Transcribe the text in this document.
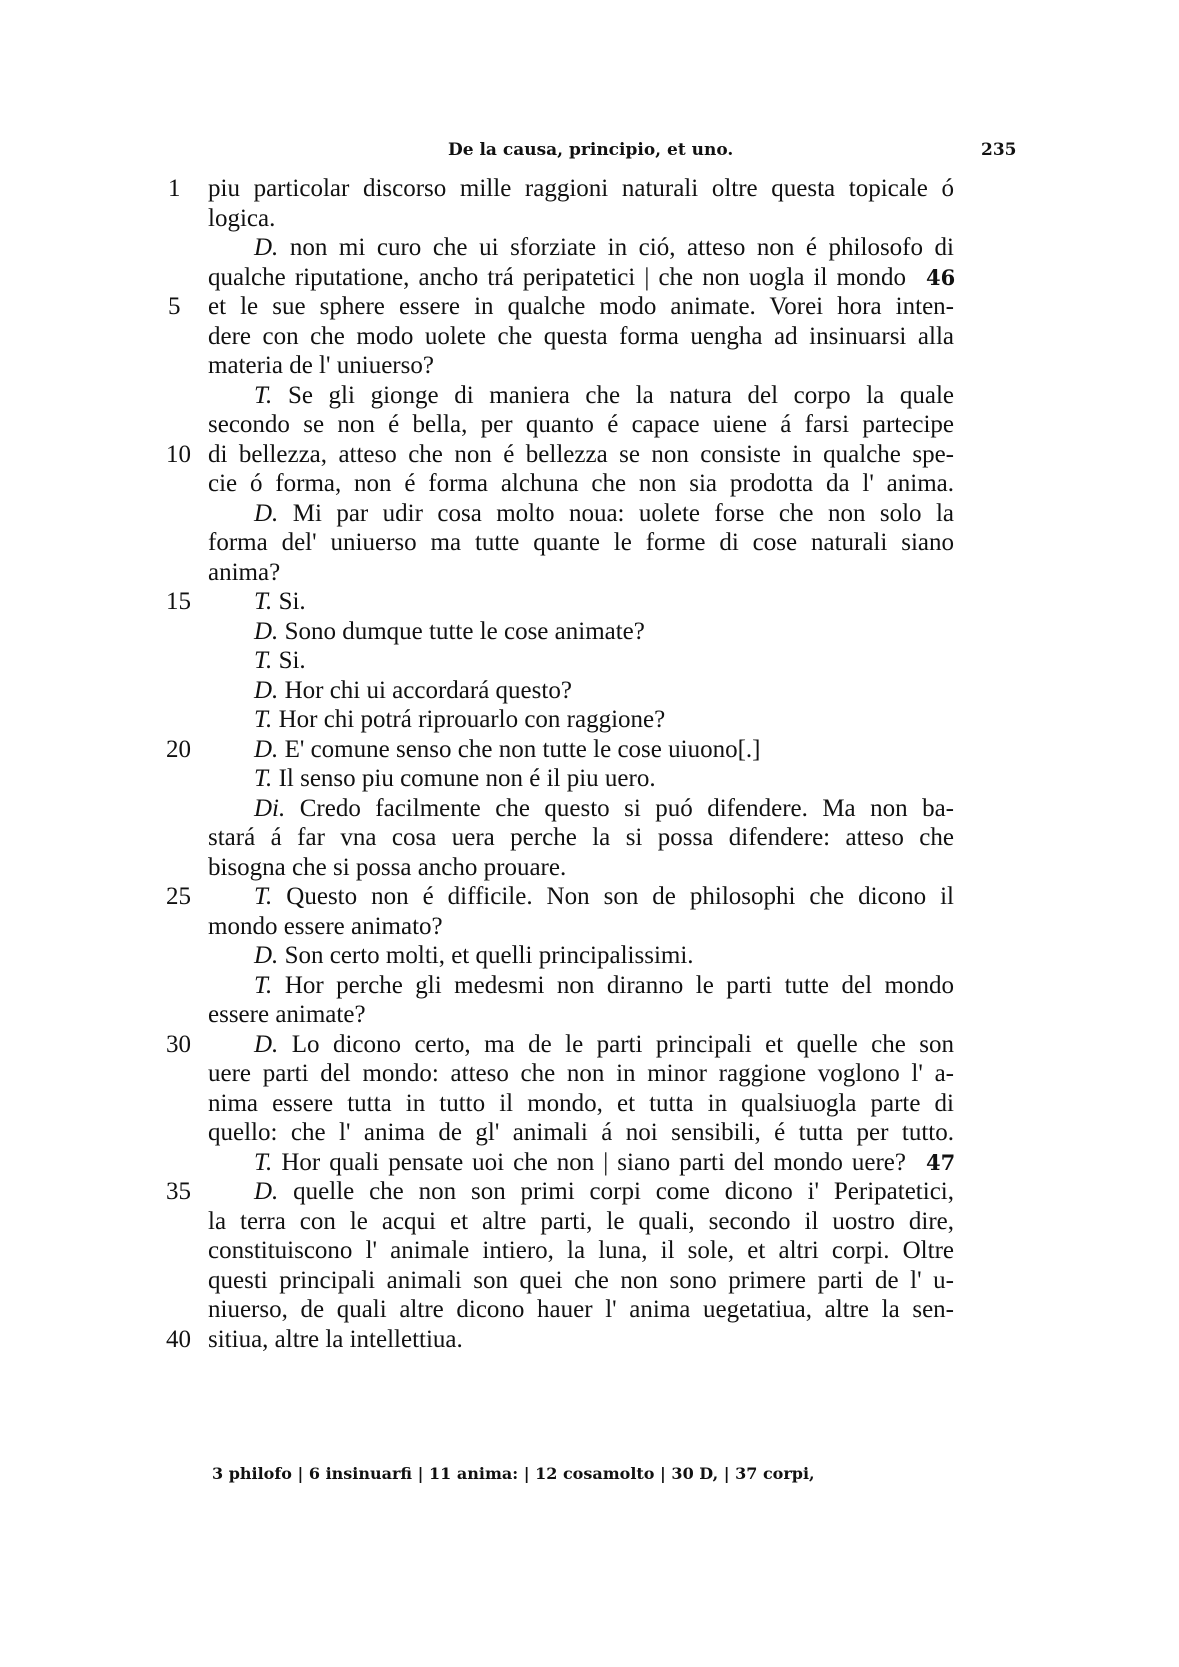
De la causa, principio, et uno.	235
1 piu particolar discorso mille raggioni naturali oltre questa topicale ó
logica.
D. non mi curo che ui sforziate in ció, atteso non é philosofo di
qualche riputatione, ancho trá peripatetici | che non uogla il mondo 46
5 et le sue sphere essere in qualche modo animate. Vorei hora inten-
dere con che modo uolete che questa forma uengha ad insinuarsi alla
materia de l' uniuerso?
T. Se gli gionge di maniera che la natura del corpo la quale
secondo se non é bella, per quanto é capace uiene á farsi partecipe
10 di bellezza, atteso che non é bellezza se non consiste in qualche spe-
cie ó forma, non é forma alchuna che non sia prodotta da l' anima.
D. Mi par udir cosa molto noua: uolete forse che non solo la
forma del' uniuerso ma tutte quante le forme di cose naturali siano
anima?
15	T. Si.
D. Sono dumque tutte le cose animate?
T. Si.
D. Hor chi ui accordará questo?
T. Hor chi potrá riprouarlo con raggione?
20	D. E' comune senso che non tutte le cose uiuono[.]
T. Il senso piu comune non é il piu uero.
Di. Credo facilmente che questo si puó difendere. Ma non ba-
stará á far vna cosa uera perche la si possa difendere: atteso che
bisogna che si possa ancho prouare.
25	T. Questo non é difficile. Non son de philosophi che dicono il
mondo essere animato?
D. Son certo molti, et quelli principalissimi.
T. Hor perche gli medesmi non diranno le parti tutte del mondo
essere animate?
30	D. Lo dicono certo, ma de le parti principali et quelle che son
uere parti del mondo: atteso che non in minor raggione voglono l' a-
nima essere tutta in tutto il mondo, et tutta in qualsiuogla parte di
quello: che l' anima de gl' animali á noi sensibili, é tutta per tutto.
T. Hor quali pensate uoi che non | siano parti del mondo uere? 47
35	D. quelle che non son primi corpi come dicono i' Peripatetici,
la terra con le acqui et altre parti, le quali, secondo il uostro dire,
constituiscono l' animale intiero, la luna, il sole, et altri corpi. Oltre
questi principali animali son quei che non sono primere parti de l' u-
niuerso, de quali altre dicono hauer l' anima uegetatiua, altre la sen-
40 sitiua, altre la intellettiua.
3 philofo | 6 insinuarfi | 11 anima: | 12 cosamolto | 30 D, | 37 corpi,
